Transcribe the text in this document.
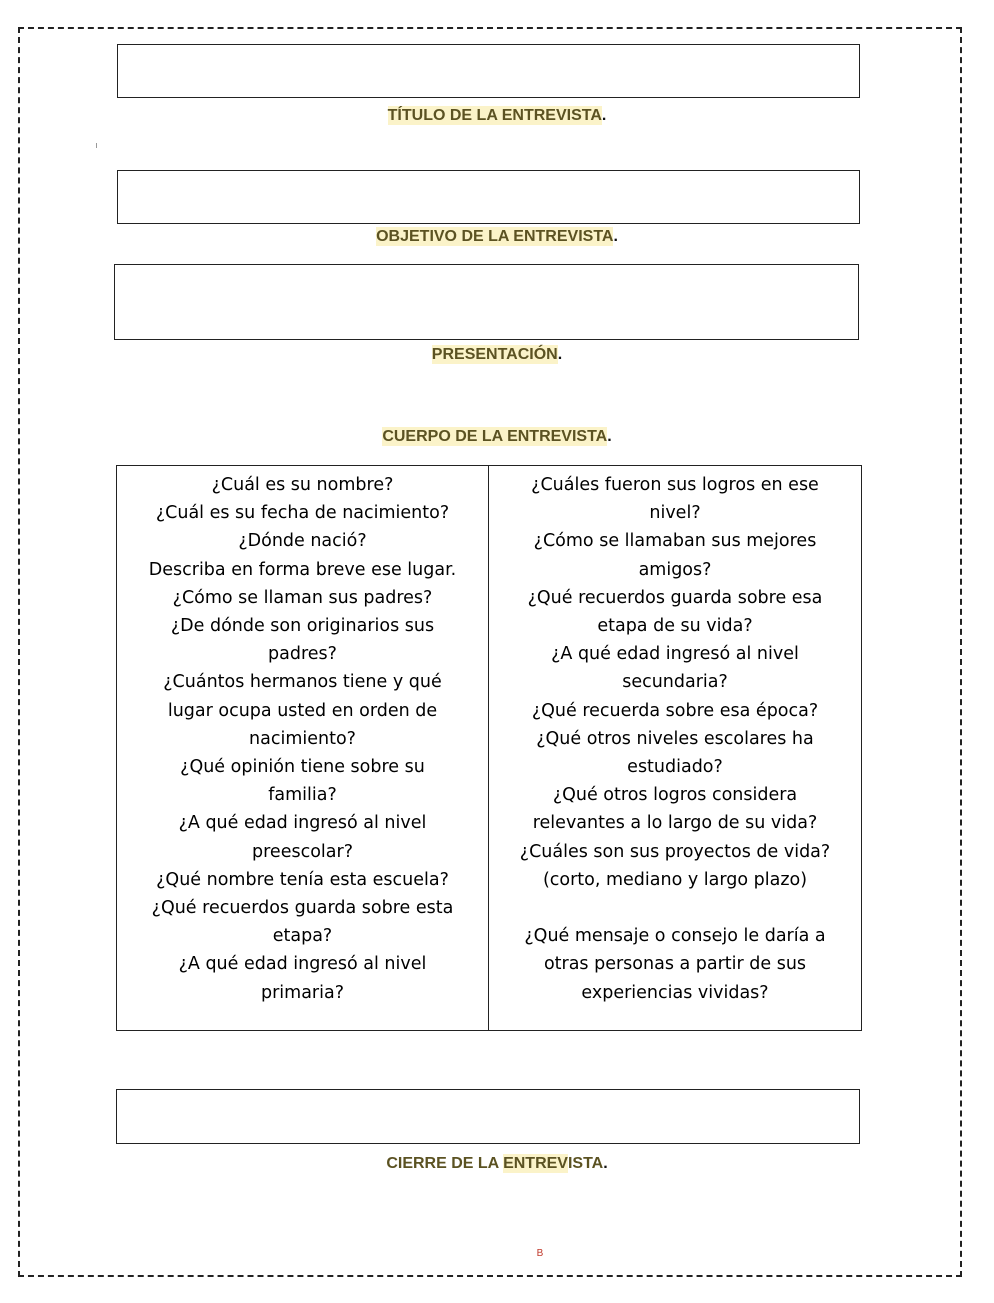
TÍTULO DE LA ENTREVISTA.
OBJETIVO DE LA ENTREVISTA.
PRESENTACIÓN.
CUERPO DE LA ENTREVISTA.
¿Cuál es su nombre?
¿Cuál es su fecha de nacimiento?
¿Dónde nació?
Describa en forma breve ese lugar.
¿Cómo se llaman sus padres?
¿De dónde son originarios sus
padres?
¿Cuántos hermanos tiene y qué
lugar ocupa usted en orden de
nacimiento?
¿Qué opinión tiene sobre su
familia?
¿A qué edad ingresó al nivel
preescolar?
¿Qué nombre tenía esta escuela?
¿Qué recuerdos guarda sobre esta
etapa?
¿A qué edad ingresó al nivel
primaria?
¿Cuáles fueron sus logros en ese
nivel?
¿Cómo se llamaban sus mejores
amigos?
¿Qué recuerdos guarda sobre esa
etapa de su vida?
¿A qué edad ingresó al nivel
secundaria?
¿Qué recuerda sobre esa época?
¿Qué otros niveles escolares ha
estudiado?
¿Qué otros logros considera
relevantes a lo largo de su vida?
¿Cuáles son sus proyectos de vida?
(corto, mediano y largo plazo)
¿Qué mensaje o consejo le daría a
otras personas a partir de sus
experiencias vividas?
CIERRE DE LA ENTREVISTA.
B
